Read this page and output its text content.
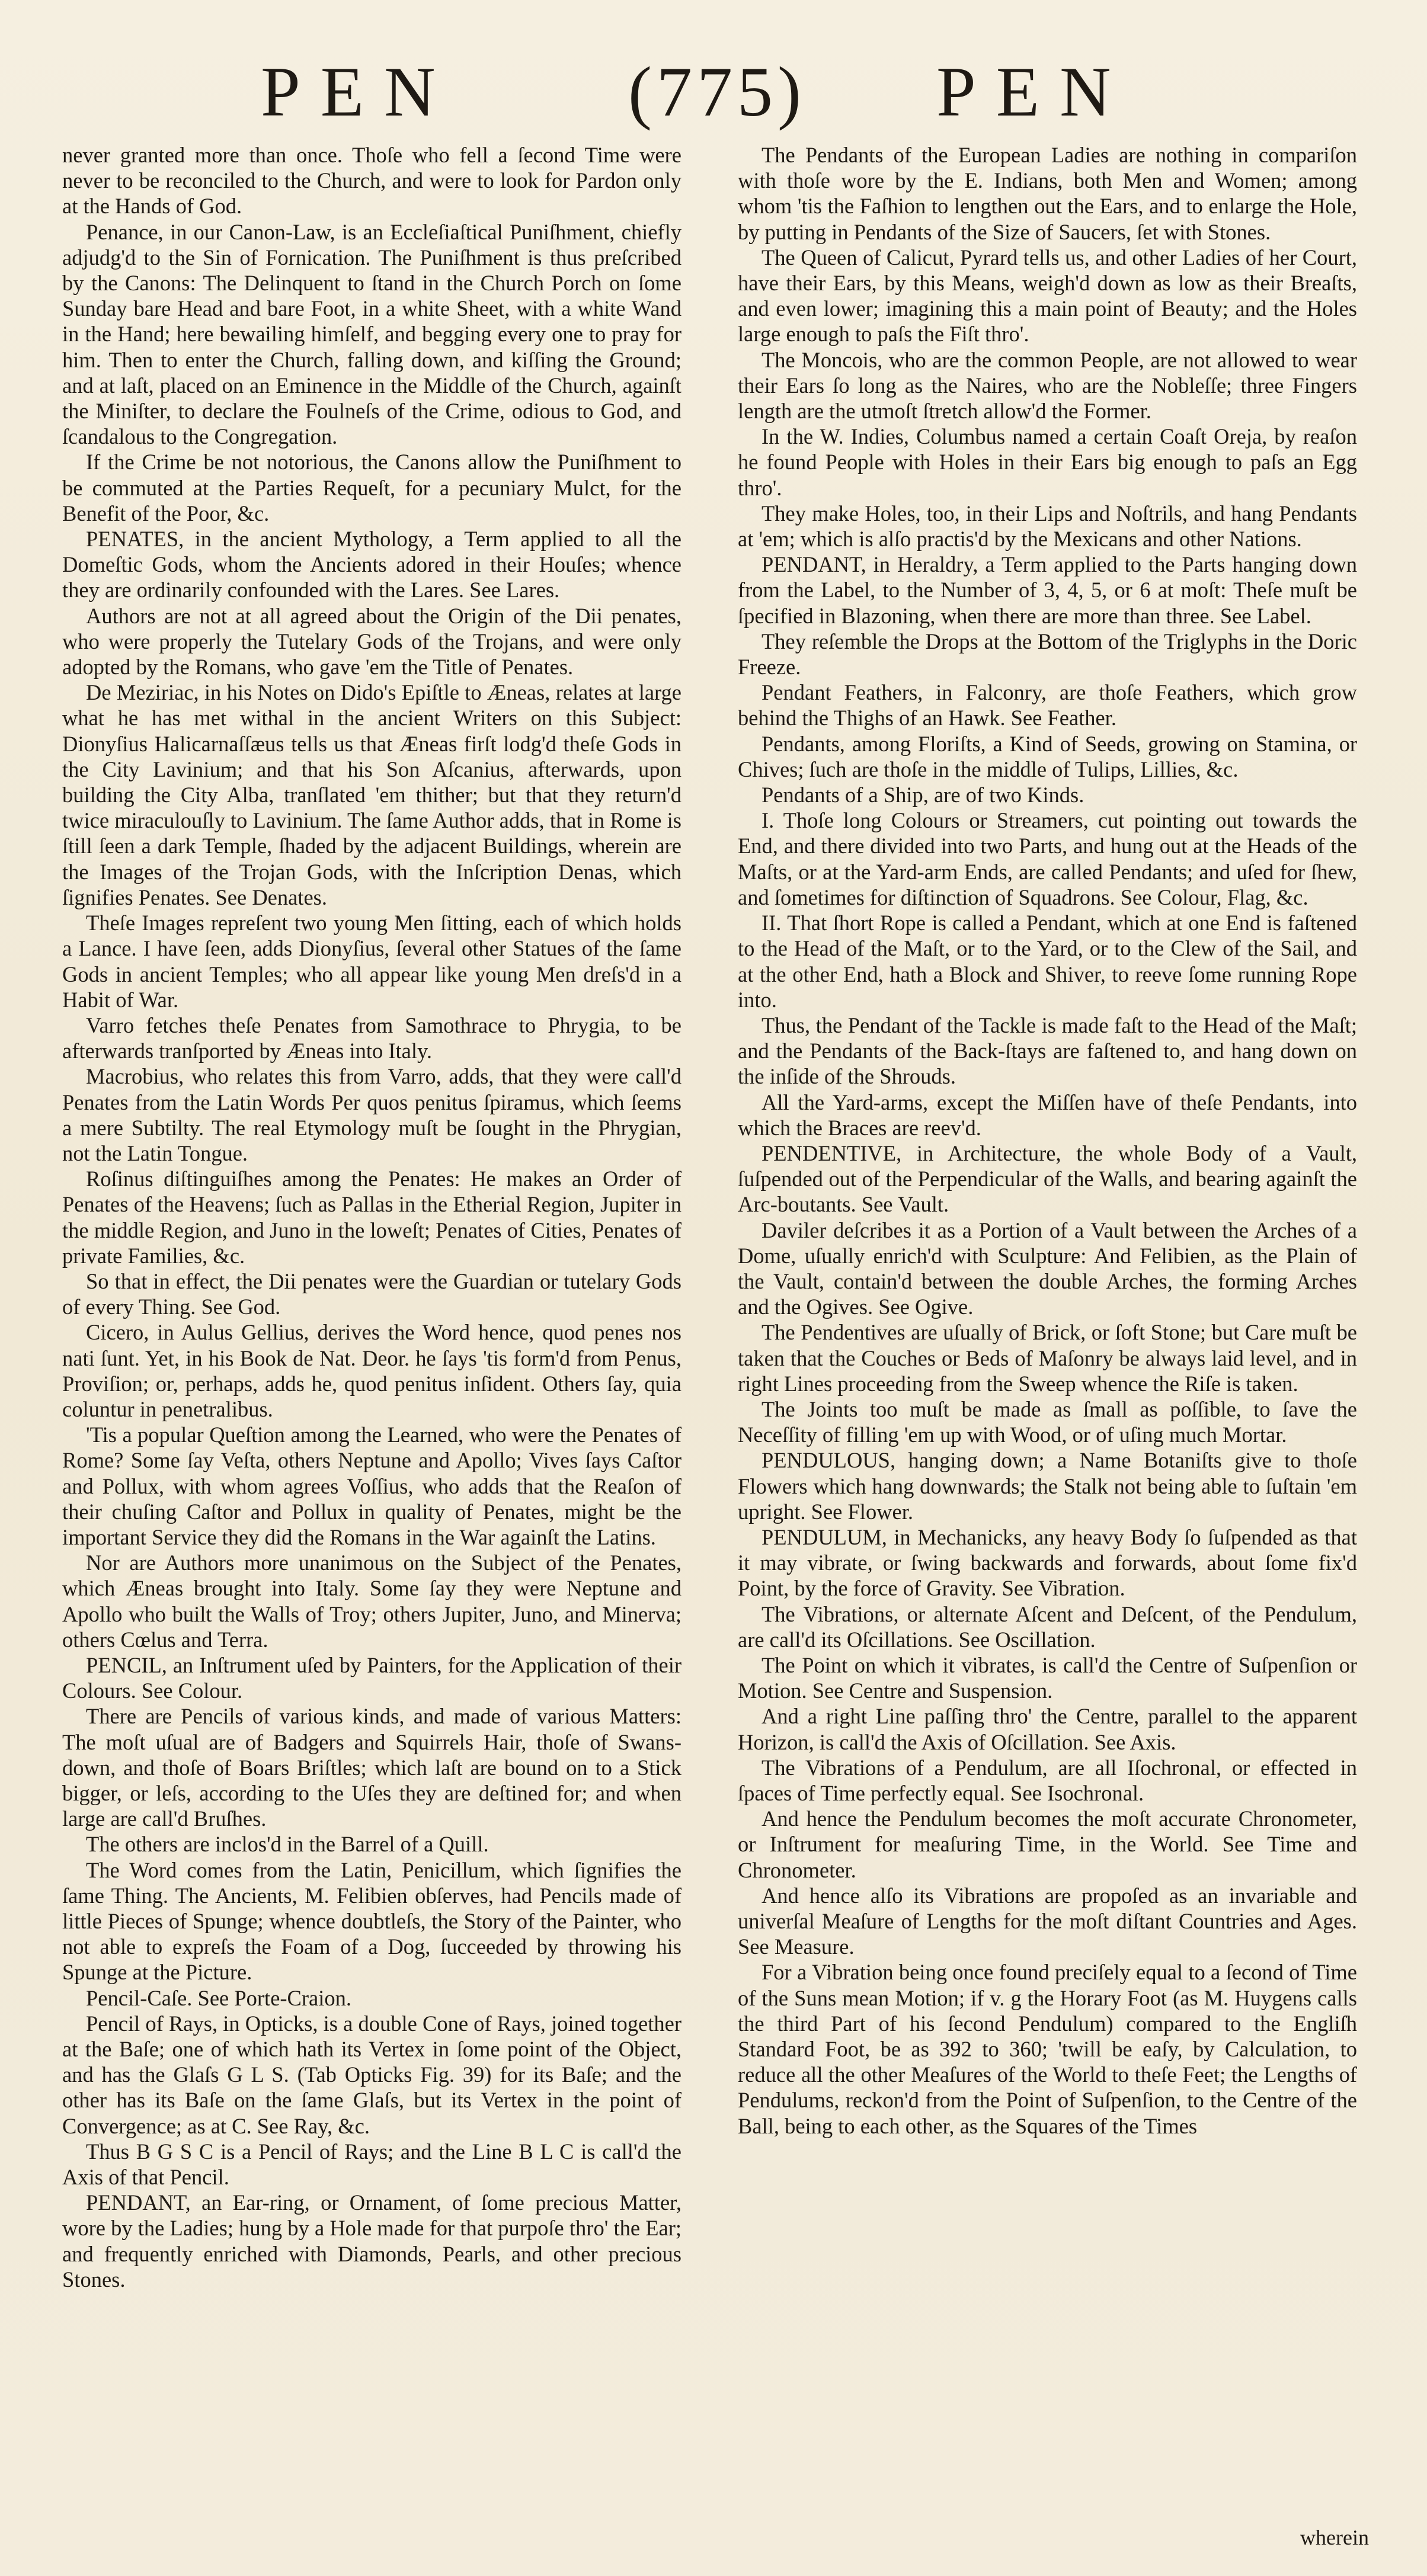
PEN (775) PEN

never granted more than once. Thoſe who fell a ſecond Time were never to be reconciled to the Church, and were to look for Pardon only at the Hands of God.

Penance, in our Canon-Law, is an Eccleſiaſtical Puniſhment, chiefly adjudg'd to the Sin of Fornication. The Puniſhment is thus preſcribed by the Canons: The Delinquent to ſtand in the Church Porch on ſome Sunday bare Head and bare Foot, in a white Sheet, with a white Wand in the Hand; here bewailing himſelf, and begging every one to pray for him. Then to enter the Church, falling down, and kiſſing the Ground; and at laſt, placed on an Eminence in the Middle of the Church, againſt the Miniſter, to declare the Foulneſs of the Crime, odious to God, and ſcandalous to the Congregation.

If the Crime be not notorious, the Canons allow the Puniſhment to be commuted at the Parties Requeſt, for a pecuniary Mulct, for the Benefit of the Poor, &c.

PENATES, in the ancient Mythology, a Term applied to all the Domeſtic Gods, whom the Ancients adored in their Houſes; whence they are ordinarily confounded with the Lares. See Lares.

Authors are not at all agreed about the Origin of the Dii penates, who were properly the Tutelary Gods of the Trojans, and were only adopted by the Romans, who gave 'em the Title of Penates.

De Meziriac, in his Notes on Dido's Epiſtle to Æneas, relates at large what he has met withal in the ancient Writers on this Subject: Dionyſius Halicarnaſſæus tells us that Æneas firſt lodg'd theſe Gods in the City Lavinium; and that his Son Aſcanius, afterwards, upon building the City Alba, tranſlated 'em thither; but that they return'd twice miraculouſly to Lavinium. The ſame Author adds, that in Rome is ſtill ſeen a dark Temple, ſhaded by the adjacent Buildings, wherein are the Images of the Trojan Gods, with the Inſcription Denas, which ſignifies Penates. See Denates.

Theſe Images repreſent two young Men ſitting, each of which holds a Lance. I have ſeen, adds Dionyſius, ſeveral other Statues of the ſame Gods in ancient Temples; who all appear like young Men dreſs'd in a Habit of War.

Varro fetches theſe Penates from Samothrace to Phrygia, to be afterwards tranſported by Æneas into Italy.

Macrobius, who relates this from Varro, adds, that they were call'd Penates from the Latin Words Per quos penitus ſpiramus, which ſeems a mere Subtilty. The real Etymology muſt be ſought in the Phrygian, not the Latin Tongue.

Roſinus diſtinguiſhes among the Penates: He makes an Order of Penates of the Heavens; ſuch as Pallas in the Etherial Region, Jupiter in the middle Region, and Juno in the loweſt; Penates of Cities, Penates of private Families, &c.

So that in effect, the Dii penates were the Guardian or tutelary Gods of every Thing. See God.

Cicero, in Aulus Gellius, derives the Word hence, quod penes nos nati ſunt. Yet, in his Book de Nat. Deor. he ſays 'tis form'd from Penus, Proviſion; or, perhaps, adds he, quod penitus inſident. Others ſay, quia coluntur in penetralibus.

'Tis a popular Queſtion among the Learned, who were the Penates of Rome? Some ſay Veſta, others Neptune and Apollo; Vives ſays Caſtor and Pollux, with whom agrees Voſſius, who adds that the Reaſon of their chuſing Caſtor and Pollux in quality of Penates, might be the important Service they did the Romans in the War againſt the Latins.

Nor are Authors more unanimous on the Subject of the Penates, which Æneas brought into Italy. Some ſay they were Neptune and Apollo who built the Walls of Troy; others Jupiter, Juno, and Minerva; others Cœlus and Terra.

PENCIL, an Inſtrument uſed by Painters, for the Application of their Colours. See Colour.

There are Pencils of various kinds, and made of various Matters: The moſt uſual are of Badgers and Squirrels Hair, thoſe of Swans-down, and thoſe of Boars Briſtles; which laſt are bound on to a Stick bigger, or leſs, according to the Uſes they are deſtined for; and when large are call'd Bruſhes.

The others are inclos'd in the Barrel of a Quill.

The Word comes from the Latin, Penicillum, which ſignifies the ſame Thing. The Ancients, M. Felibien obſerves, had Pencils made of little Pieces of Spunge; whence doubtleſs, the Story of the Painter, who not able to expreſs the Foam of a Dog, ſucceeded by throwing his Spunge at the Picture.

Pencil-Caſe. See Porte-Craion.

Pencil of Rays, in Opticks, is a double Cone of Rays, joined together at the Baſe; one of which hath its Vertex in ſome point of the Object, and has the Glaſs G L S. (Tab Opticks Fig. 39) for its Baſe; and the other has its Baſe on the ſame Glaſs, but its Vertex in the point of Convergence; as at C. See Ray, &c.

Thus B G S C is a Pencil of Rays; and the Line B L C is call'd the Axis of that Pencil.

PENDANT, an Ear-ring, or Ornament, of ſome precious Matter, wore by the Ladies; hung by a Hole made for that purpoſe thro' the Ear; and frequently enriched with Diamonds, Pearls, and other precious Stones.

The Pendants of the European Ladies are nothing in compariſon with thoſe wore by the E. Indians, both Men and Women; among whom 'tis the Faſhion to lengthen out the Ears, and to enlarge the Hole, by putting in Pendants of the Size of Saucers, ſet with Stones.

The Queen of Calicut, Pyrard tells us, and other Ladies of her Court, have their Ears, by this Means, weigh'd down as low as their Breaſts, and even lower; imagining this a main point of Beauty; and the Holes large enough to paſs the Fiſt thro'.

The Moncois, who are the common People, are not allowed to wear their Ears ſo long as the Naires, who are the Nobleſſe; three Fingers length are the utmoſt ſtretch allow'd the Former.

In the W. Indies, Columbus named a certain Coaſt Oreja, by reaſon he found People with Holes in their Ears big enough to paſs an Egg thro'.

They make Holes, too, in their Lips and Noſtrils, and hang Pendants at 'em; which is alſo practis'd by the Mexicans and other Nations.

PENDANT, in Heraldry, a Term applied to the Parts hanging down from the Label, to the Number of 3, 4, 5, or 6 at moſt: Theſe muſt be ſpecified in Blazoning, when there are more than three. See Label.

They reſemble the Drops at the Bottom of the Triglyphs in the Doric Freeze.

Pendant Feathers, in Falconry, are thoſe Feathers, which grow behind the Thighs of an Hawk. See Feather.

Pendants, among Floriſts, a Kind of Seeds, growing on Stamina, or Chives; ſuch are thoſe in the middle of Tulips, Lillies, &c.

Pendants of a Ship, are of two Kinds.

I. Thoſe long Colours or Streamers, cut pointing out towards the End, and there divided into two Parts, and hung out at the Heads of the Maſts, or at the Yard-arm Ends, are called Pendants; and uſed for ſhew, and ſometimes for diſtinction of Squadrons. See Colour, Flag, &c.

II. That ſhort Rope is called a Pendant, which at one End is faſtened to the Head of the Maſt, or to the Yard, or to the Clew of the Sail, and at the other End, hath a Block and Shiver, to reeve ſome running Rope into.

Thus, the Pendant of the Tackle is made faſt to the Head of the Maſt; and the Pendants of the Back-ſtays are faſtened to, and hang down on the inſide of the Shrouds.

All the Yard-arms, except the Miſſen have of theſe Pendants, into which the Braces are reev'd.

PENDENTIVE, in Architecture, the whole Body of a Vault, ſuſpended out of the Perpendicular of the Walls, and bearing againſt the Arc-boutants. See Vault.

Daviler deſcribes it as a Portion of a Vault between the Arches of a Dome, uſually enrich'd with Sculpture: And Felibien, as the Plain of the Vault, contain'd between the double Arches, the forming Arches and the Ogives. See Ogive.

The Pendentives are uſually of Brick, or ſoft Stone; but Care muſt be taken that the Couches or Beds of Maſonry be always laid level, and in right Lines proceeding from the Sweep whence the Riſe is taken.

The Joints too muſt be made as ſmall as poſſible, to ſave the Neceſſity of filling 'em up with Wood, or of uſing much Mortar.

PENDULOUS, hanging down; a Name Botaniſts give to thoſe Flowers which hang downwards; the Stalk not being able to ſuſtain 'em upright. See Flower.

PENDULUM, in Mechanicks, any heavy Body ſo ſuſpended as that it may vibrate, or ſwing backwards and forwards, about ſome fix'd Point, by the force of Gravity. See Vibration.

The Vibrations, or alternate Aſcent and Deſcent, of the Pendulum, are call'd its Oſcillations. See Oscillation.

The Point on which it vibrates, is call'd the Centre of Suſpenſion or Motion. See Centre and Suspension.

And a right Line paſſing thro' the Centre, parallel to the apparent Horizon, is call'd the Axis of Oſcillation. See Axis.

The Vibrations of a Pendulum, are all Iſochronal, or effected in ſpaces of Time perfectly equal. See Isochronal.

And hence the Pendulum becomes the moſt accurate Chronometer, or Inſtrument for meaſuring Time, in the World. See Time and Chronometer.

And hence alſo its Vibrations are propoſed as an invariable and univerſal Meaſure of Lengths for the moſt diſtant Countries and Ages. See Measure.

For a Vibration being once found preciſely equal to a ſecond of Time of the Suns mean Motion; if v. g the Horary Foot (as M. Huygens calls the third Part of his ſecond Pendulum) compared to the Engliſh Standard Foot, be as 392 to 360; 'twill be eaſy, by Calculation, to reduce all the other Meaſures of the World to theſe Feet; the Lengths of Pendulums, reckon'd from the Point of Suſpenſion, to the Centre of the Ball, being to each other, as the Squares of the Times

wherein
